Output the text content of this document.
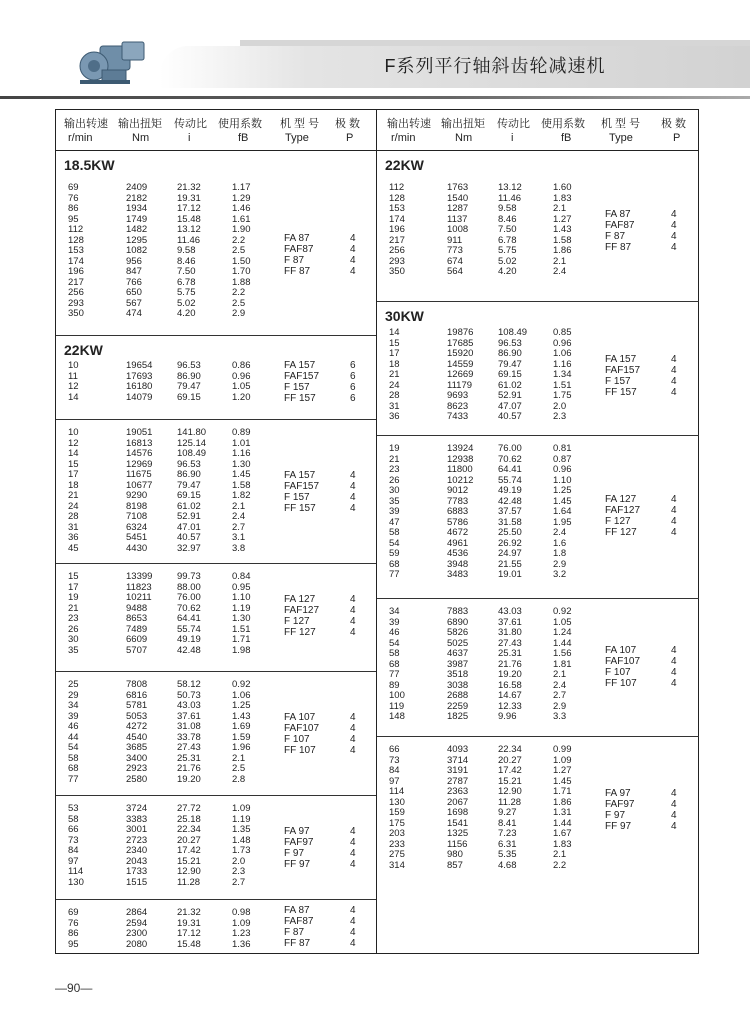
F系列平行轴斜齿轮减速机
输出转速 输出扭矩 传动比 使用系数 机 型 号 极 数
r/min	Nm	i	fB	Type	P
18.5KW
69	2409	21.32	1.17
76	2182	19.31	1.29
86	1934	17.12	1.46
95	1749	15.48	1.61
112	1482	13.12	1.90
128	1295	11.46	2.2
153	1082	9.58	2.5
174	956	8.46	1.50
196	847	7.50	1.70
217	766	6.78	1.88
256	650	5.75	2.2
293	567	5.02	2.5
350	474	4.20	2.9
FA 87	4
FAF87	4
F 87	4
FF 87	4
22KW
10	19654	96.53	0.86
11	17693	86.90	0.96
12	16180	79.47	1.05
14	14079	69.15	1.20
FA 157	6
FAF157	6
F 157	6
FF 157	6
10	19051	141.80	0.89
12	16813	125.14	1.01
14	14576	108.49	1.16
15	12969	96.53	1.30
17	11675	86.90	1.45
18	10677	79.47	1.58
21	9290	69.15	1.82
24	8198	61.02	2.1
28	7108	52.91	2.4
31	6324	47.01	2.7
36	5451	40.57	3.1
45	4430	32.97	3.8
FA 157	4
FAF157	4
F 157	4
FF 157	4
15	13399	99.73	0.84
17	11823	88.00	0.95
19	10211	76.00	1.10
21	9488	70.62	1.19
23	8653	64.41	1.30
26	7489	55.74	1.51
30	6609	49.19	1.71
35	5707	42.48	1.98
FA 127	4
FAF127	4
F 127	4
FF 127	4
25	7808	58.12	0.92
29	6816	50.73	1.06
34	5781	43.03	1.25
39	5053	37.61	1.43
46	4272	31.08	1.69
44	4540	33.78	1.59
54	3685	27.43	1.96
58	3400	25.31	2.1
68	2923	21.76	2.5
77	2580	19.20	2.8
FA 107	4
FAF107	4
F 107	4
FF 107	4
53	3724	27.72	1.09
58	3383	25.18	1.19
66	3001	22.34	1.35
73	2723	20.27	1.48
84	2340	17.42	1.73
97	2043	15.21	2.0
114	1733	12.90	2.3
130	1515	11.28	2.7
FA 97	4
FAF97	4
F 97	4
FF 97	4
69	2864	21.32	0.98
76	2594	19.31	1.09
86	2300	17.12	1.23
95	2080	15.48	1.36
FA 87	4
FAF87	4
F 87	4
FF 87	4
输出转速 输出扭矩 传动比 使用系数 机 型 号 极 数
r/min	Nm	i	fB	Type	P
22KW
112	1763	13.12	1.60
128	1540	11.46	1.83
153	1287	9.58	2.1
174	1137	8.46	1.27
196	1008	7.50	1.43
217	911	6.78	1.58
256	773	5.75	1.86
293	674	5.02	2.1
350	564	4.20	2.4
FA 87	4
FAF87	4
F 87	4
FF 87	4
30KW
14	19876	108.49	0.85
15	17685	96.53	0.96
17	15920	86.90	1.06
18	14559	79.47	1.16
21	12669	69.15	1.34
24	11179	61.02	1.51
28	9693	52.91	1.75
31	8623	47.07	2.0
36	7433	40.57	2.3
FA 157	4
FAF157	4
F 157	4
FF 157	4
19	13924	76.00	0.81
21	12938	70.62	0.87
23	11800	64.41	0.96
26	10212	55.74	1.10
30	9012	49.19	1.25
35	7783	42.48	1.45
39	6883	37.57	1.64
47	5786	31.58	1.95
58	4672	25.50	2.4
54	4961	26.92	1.6
59	4536	24.97	1.8
68	3948	21.55	2.9
77	3483	19.01	3.2
FA 127	4
FAF127	4
F 127	4
FF 127	4
34	7883	43.03	0.92
39	6890	37.61	1.05
46	5826	31.80	1.24
54	5025	27.43	1.44
58	4637	25.31	1.56
68	3987	21.76	1.81
77	3518	19.20	2.1
89	3038	16.58	2.4
100	2688	14.67	2.7
119	2259	12.33	2.9
148	1825	9.96	3.3
FA 107	4
FAF107	4
F 107	4
FF 107	4
66	4093	22.34	0.99
73	3714	20.27	1.09
84	3191	17.42	1.27
97	2787	15.21	1.45
114	2363	12.90	1.71
130	2067	11.28	1.86
159	1698	9.27	1.31
175	1541	8.41	1.44
203	1325	7.23	1.67
233	1156	6.31	1.83
275	980	5.35	2.1
314	857	4.68	2.2
FA 97	4
FAF97	4
F 97	4
FF 97	4
—90—
